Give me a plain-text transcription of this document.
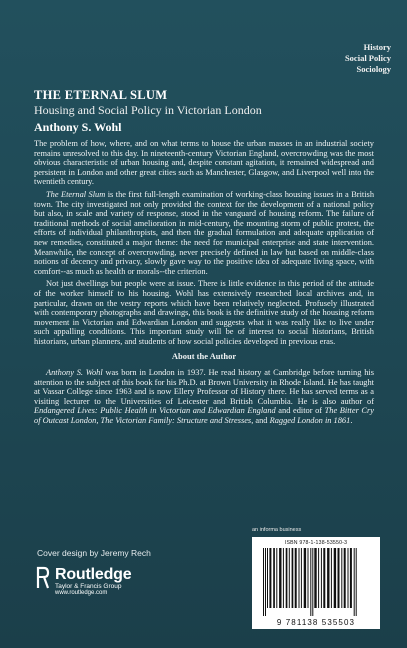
History
Social Policy
Sociology
THE ETERNAL SLUM
Housing and Social Policy in Victorian London
Anthony S. Wohl

The problem of how, where, and on what terms to house the urban masses in an industrial society remains unresolved to this day. In nineteenth-century Victorian England, overcrowding was the most obvious characteristic of urban housing and, despite constant agitation, it remained widespread and persistent in London and other great cities such as Manchester, Glasgow, and Liverpool well into the twentieth century.

The Eternal Slum is the first full-length examination of working-class housing issues in a British town. The city investigated not only provided the context for the development of a national policy but also, in scale and variety of response, stood in the vanguard of housing reform. The failure of traditional methods of social amelioration in mid-century, the mounting storm of public protest, the efforts of individual philanthropists, and then the gradual formulation and adequate application of new remedies, constituted a major theme: the need for municipal enterprise and state intervention. Meanwhile, the concept of overcrowding, never precisely defined in law but based on middle-class notions of decency and privacy, slowly gave way to the positive idea of adequate living space, with comfort--as much as health or morals--the criterion.

Not just dwellings but people were at issue. There is little evidence in this period of the attitude of the worker himself to his housing. Wohl has extensively researched local archives and, in particular, drawn on the vestry reports which have been relatively neglected. Profusely illustrated with contemporary photographs and drawings, this book is the definitive study of the housing reform movement in Victorian and Edwardian London and suggests what it was really like to live under such appalling conditions. This important study will be of interest to social historians, British historians, urban planners, and students of how social policies developed in previous eras.

About the Author

Anthony S. Wohl was born in London in 1937. He read history at Cambridge before turning his attention to the subject of this book for his Ph.D. at Brown University in Rhode Island. He has taught at Vassar College since 1963 and is now Ellery Professor of History there. He has served terms as a visiting lecturer to the Universities of Leicester and British Columbia. He is also author of Endangered Lives: Public Health in Victorian and Edwardian England and editor of The Bitter Cry of Outcast London, The Victorian Family: Structure and Stresses, and Ragged London in 1861.

an informa business
ISBN 978-1-138-53550-3
9 781138 535503
Cover design by Jeremy Rech
Routledge
Taylor & Francis Group
www.routledge.com
